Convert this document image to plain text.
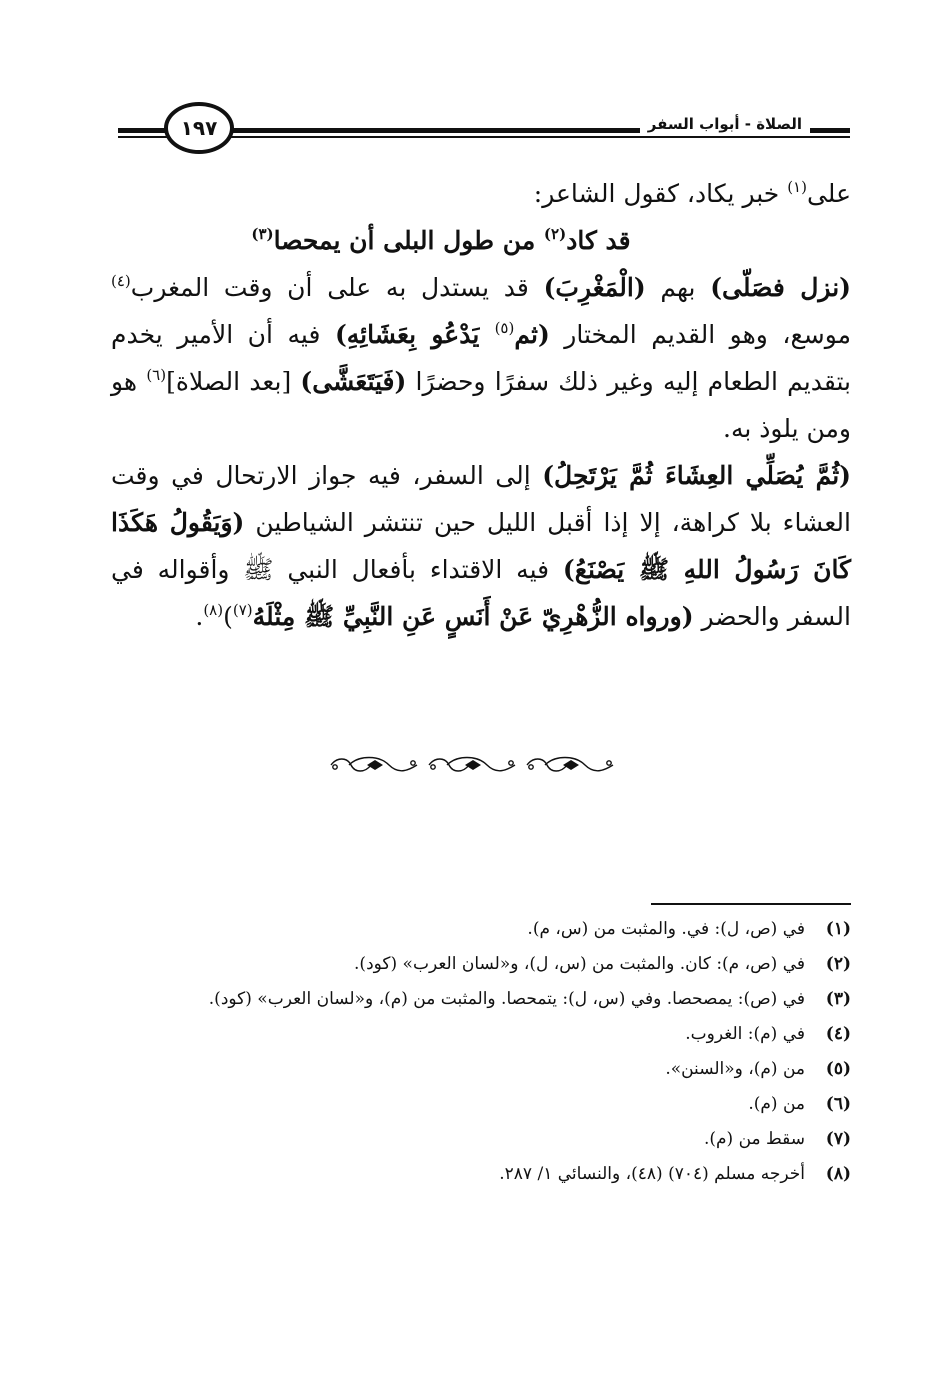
الصلاة - أبواب السفر
١٩٧

على$^{(١)}$ خبر يكاد، كقول الشاعر:

قد كاد$^{(٢)}$ من طول البلى أن يمحصا$^{(٣)}$

(نزل فصَلّى) بهم (الْمَغْرِبَ) قد يستدل به على أن وقت المغرب$^{(٤)}$ موسع، وهو القديم المختار (ثم$^{(٥)}$ يَدْعُو بِعَشَائِهِ) فيه أن الأمير يخدم بتقديم الطعام إليه وغير ذلك سفرًا وحضرًا (فَيَتَعَشَّى) [بعد الصلاة]$^{(٦)}$ هو ومن يلوذ به.

(ثُمَّ يُصَلِّي العِشَاءَ ثُمَّ يَرْتَحِلُ) إلى السفر، فيه جواز الارتحال في وقت العشاء بلا كراهة، إلا إذا أقبل الليل حين تنتشر الشياطين (وَيَقُولُ هَكَذَا كَانَ رَسُولُ اللهِ ﷺ يَصْنَعُ) فيه الاقتداء بأفعال النبي ﷺ وأقواله في السفر والحضر (ورواه الزُّهْرِيّ عَنْ أَنَسٍ عَنِ النَّبِيِّ ﷺ مِثْلَهُ$^{(٧)}$)$^{(٨)}$.

(١)
في (ص، ل): في. والمثبت من (س، م).
(٢)
في (ص، م): كان. والمثبت من (س، ل)، و«لسان العرب» (كود).
(٣)
في (ص): يمصحصا. وفي (س، ل): يتمحصا. والمثبت من (م)، و«لسان العرب» (كود).
(٤)
في (م): الغروب.
(٥)
من (م)، و«السنن».
(٦)
من (م).
(٧)
سقط من (م).
(٨)
أخرجه مسلم (٧٠٤) (٤٨)، والنسائي ١/ ٢٨٧.
